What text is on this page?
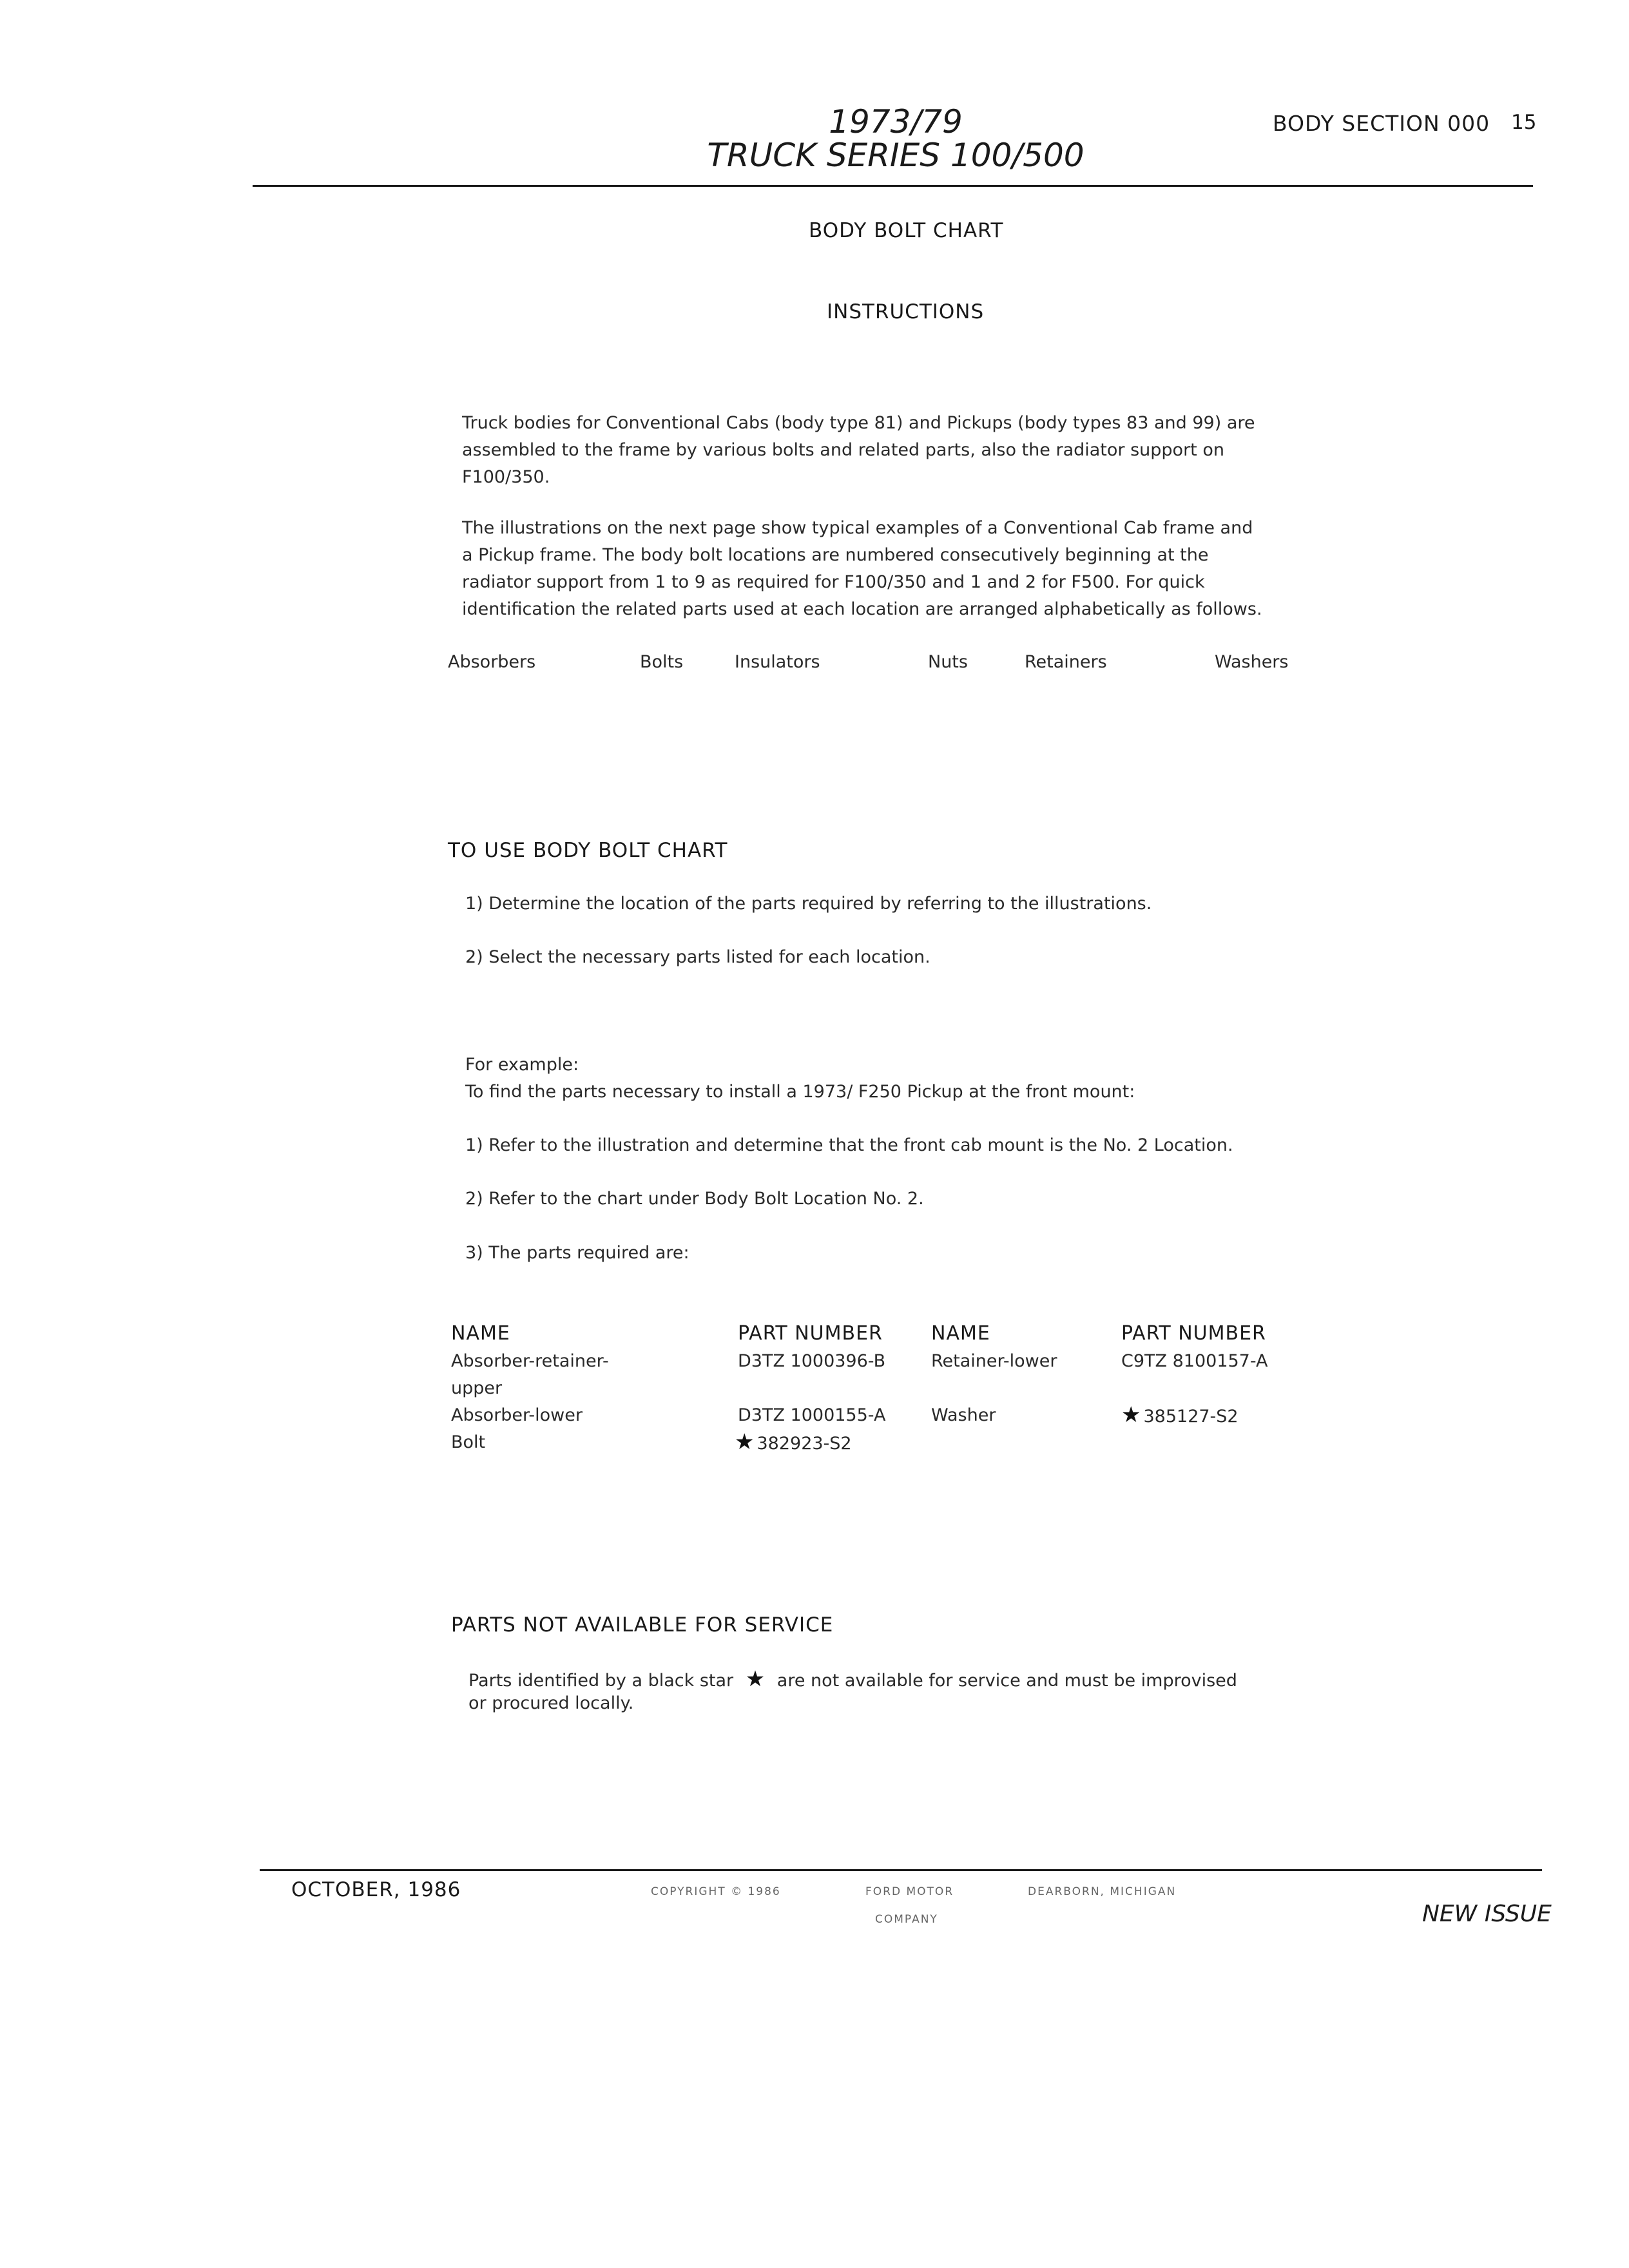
1973/79
TRUCK SERIES 100/500
BODY SECTION 000 15
BODY BOLT CHART
INSTRUCTIONS
Truck bodies for Conventional Cabs (body type 81) and Pickups (body types 83 and 99) are assembled to the frame by various bolts and related parts, also the radiator support on F100/350.
The illustrations on the next page show typical examples of a Conventional Cab frame and a Pickup frame. The body bolt locations are numbered consecutively beginning at the radiator support from 1 to 9 as required for F100/350 and 1 and 2 for F500. For quick identification the related parts used at each location are arranged alphabetically as follows.
Absorbers	Bolts	Insulators	Nuts	Retainers	Washers
TO USE BODY BOLT CHART
1) Determine the location of the parts required by referring to the illustrations.
2) Select the necessary parts listed for each location.
For example:
To find the parts necessary to install a 1973/ F250 Pickup at the front mount:
1) Refer to the illustration and determine that the front cab mount is the No. 2 Location.
2) Refer to the chart under Body Bolt Location No. 2.
3) The parts required are:
NAME	PART NUMBER	NAME	PART NUMBER
Absorber-retainer-	D3TZ 1000396-B	Retainer-lower	C9TZ 8100157-A
upper
Absorber-lower	D3TZ 1000155-A	Washer	★ 385127-S2
Bolt	★ 382923-S2
PARTS NOT AVAILABLE FOR SERVICE
Parts identified by a black star ★ are not available for service and must be improvised
or procured locally.
OCTOBER, 1986	COPYRIGHT © 1986	FORD MOTOR
COMPANY
DEARBORN, MICHIGAN
NEW ISSUE
